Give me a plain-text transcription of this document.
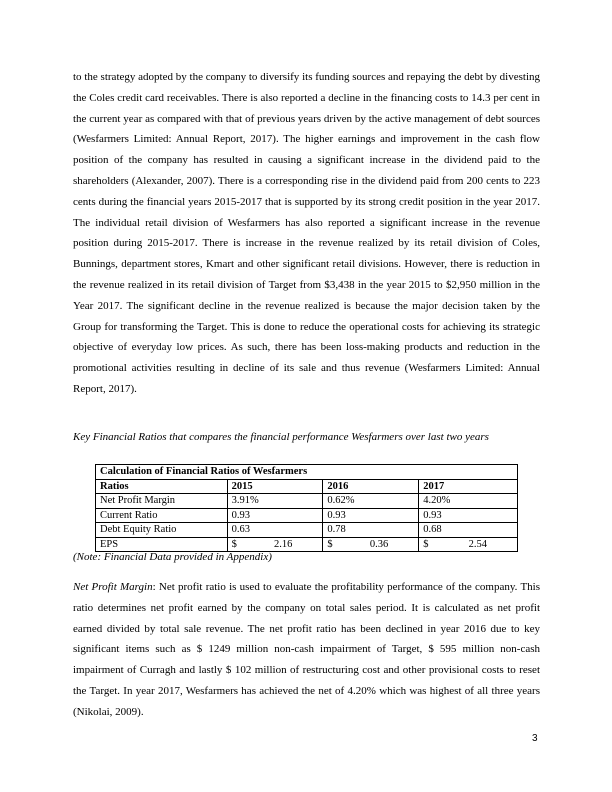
to the strategy adopted by the company to diversify its funding sources and repaying the debt by divesting the Coles credit card receivables. There is also reported a decline in the financing costs to 14.3 per cent in the current year as compared with that of previous years driven by the active management of debt sources (Wesfarmers Limited: Annual Report, 2017). The higher earnings and improvement in the cash flow position of the company has resulted in causing a significant increase in the dividend paid to the shareholders (Alexander, 2007). There is a corresponding rise in the dividend paid from 200 cents to 223 cents during the financial years 2015-2017 that is supported by its strong credit position in the year 2017. The individual retail division of Wesfarmers has also reported a significant increase in the revenue position during 2015-2017. There is increase in the revenue realized by its retail division of Coles, Bunnings, department stores, Kmart and other significant retail divisions. However, there is reduction in the revenue realized in its retail division of Target from $3,438 in the year 2015 to $2,950 million in the Year 2017. The significant decline in the revenue realized is because the major decision taken by the Group for transforming the Target. This is done to reduce the operational costs for achieving its strategic objective of everyday low prices. As such, there has been loss-making products and reduction in the promotional activities resulting in decline of its sale and thus revenue (Wesfarmers Limited: Annual Report, 2017).

Key Financial Ratios that compares the financial performance Wesfarmers over last two years

Calculation of Financial Ratios of Wesfarmers			
Ratios	2015	2016	2017
Net Profit Margin	3.91%	0.62%	4.20%
Current Ratio	0.93	0.93	0.93
Debt Equity Ratio	0.63	0.78	0.68
EPS	$ 2.16	$ 0.36	$ 2.54

(Note: Financial Data provided in Appendix)

Net Profit Margin: Net profit ratio is used to evaluate the profitability performance of the company. This ratio determines net profit earned by the company on total sales period. It is calculated as net profit earned divided by total sale revenue. The net profit ratio has been declined in year 2016 due to key significant items such as $ 1249 million non-cash impairment of Target, $ 595 million non-cash impairment of Curragh and lastly $ 102 million of restructuring cost and other provisional costs to reset the Target. In year 2017, Wesfarmers has achieved the net of 4.20% which was highest of all three years (Nikolai, 2009).

3
